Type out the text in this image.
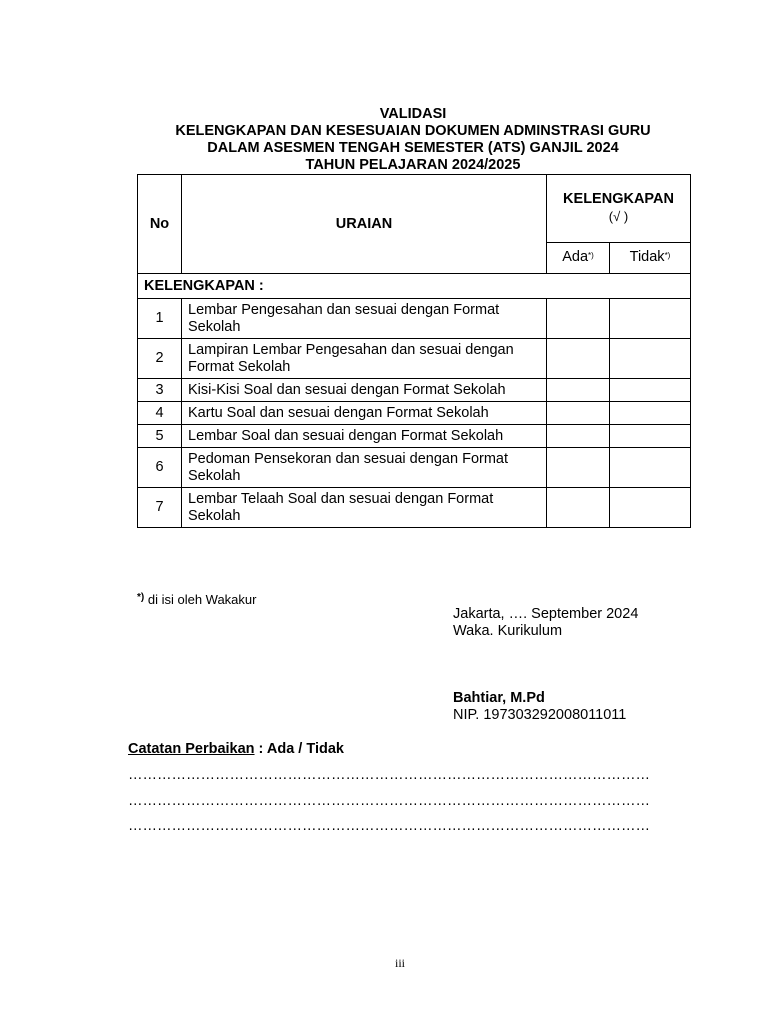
VALIDASI
KELENGKAPAN DAN KESESUAIAN DOKUMEN ADMINSTRASI GURU
DALAM ASESMEN TENGAH SEMESTER (ATS) GANJIL 2024
TAHUN PELAJARAN 2024/2025
No	URAIAN	KELENGKAPAN
(√ )	

		Ada*)	Tidak*)
KELENGKAPAN :			
1	Lembar Pengesahan dan sesuai dengan Format Sekolah		
2	Lampiran Lembar Pengesahan dan sesuai dengan Format Sekolah		
3	Kisi-Kisi Soal dan sesuai dengan Format Sekolah		
4	Kartu Soal dan sesuai dengan Format Sekolah		
5	Lembar Soal dan sesuai dengan Format Sekolah		
6	Pedoman Pensekoran dan sesuai dengan Format Sekolah		
7	Lembar Telaah Soal dan sesuai dengan Format Sekolah		
*) di isi oleh Wakakur
Jakarta, …. September 2024
Waka. Kurikulum
Bahtiar, M.Pd
NIP. 197303292008011011
Catatan Perbaikan : Ada / Tidak
………………………………………………………………………………………………
………………………………………………………………………………………………
………………………………………………………………………………………………
iii
